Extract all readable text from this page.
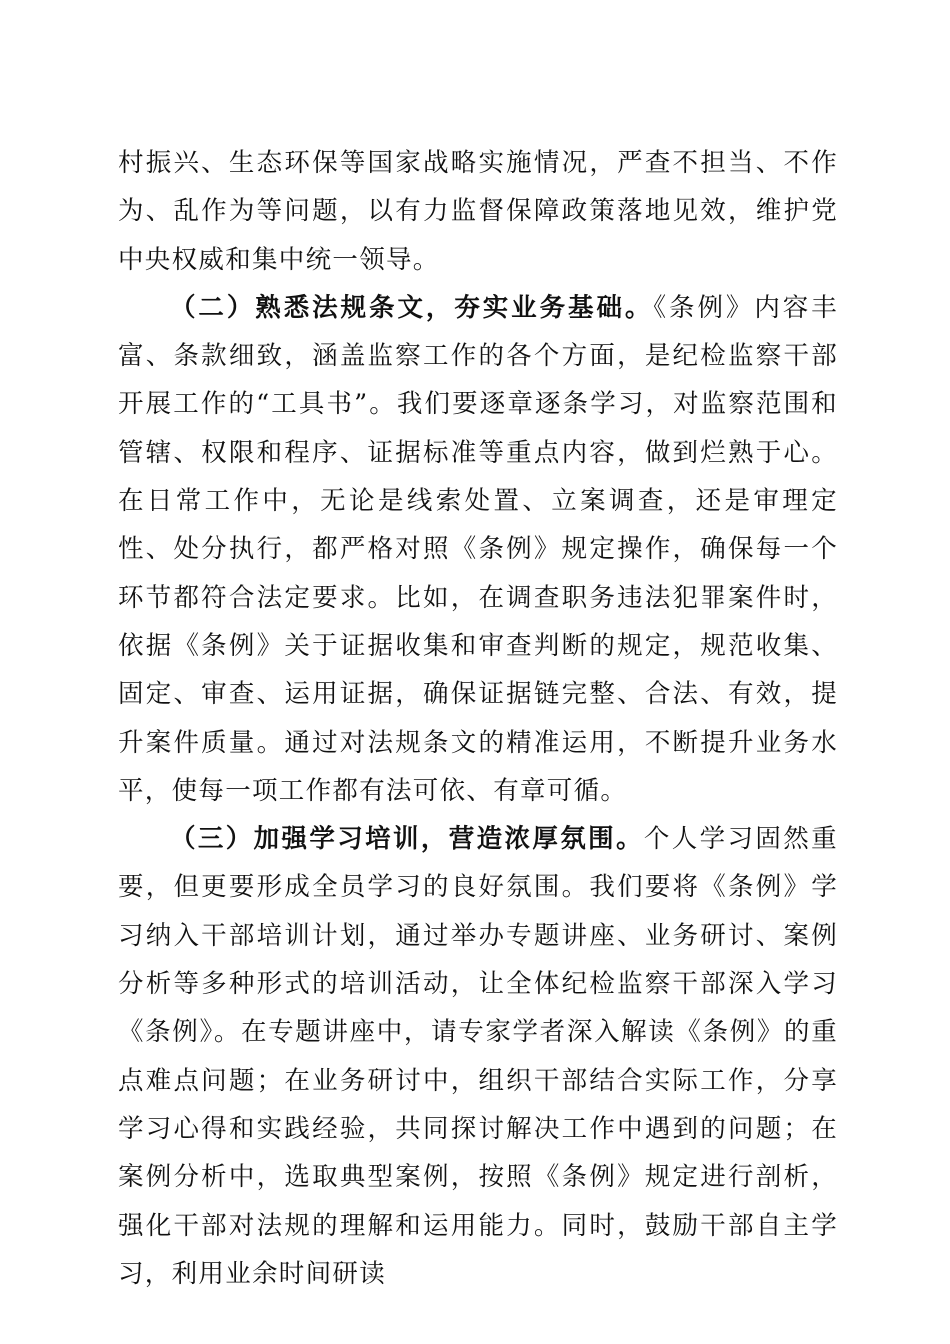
村振兴、生态环保等国家战略实施情况，严查不担当、不作为、乱作为等问题，以有力监督保障政策落地见效，维护党中央权威和集中统一领导。

（二）熟悉法规条文，夯实业务基础。《条例》内容丰富、条款细致，涵盖监察工作的各个方面，是纪检监察干部开展工作的“工具书”。我们要逐章逐条学习，对监察范围和管辖、权限和程序、证据标准等重点内容，做到烂熟于心。在日常工作中，无论是线索处置、立案调查，还是审理定性、处分执行，都严格对照《条例》规定操作，确保每一个环节都符合法定要求。比如，在调查职务违法犯罪案件时，依据《条例》关于证据收集和审查判断的规定，规范收集、固定、审查、运用证据，确保证据链完整、合法、有效，提升案件质量。通过对法规条文的精准运用，不断提升业务水平，使每一项工作都有法可依、有章可循。

（三）加强学习培训，营造浓厚氛围。个人学习固然重要，但更要形成全员学习的良好氛围。我们要将《条例》学习纳入干部培训计划，通过举办专题讲座、业务研讨、案例分析等多种形式的培训活动，让全体纪检监察干部深入学习《条例》。在专题讲座中，请专家学者深入解读《条例》的重点难点问题；在业务研讨中，组织干部结合实际工作，分享学习心得和实践经验，共同探讨解决工作中遇到的问题；在案例分析中，选取典型案例，按照《条例》规定进行剖析，强化干部对法规的理解和运用能力。同时，鼓励干部自主学习，利用业余时间研读
